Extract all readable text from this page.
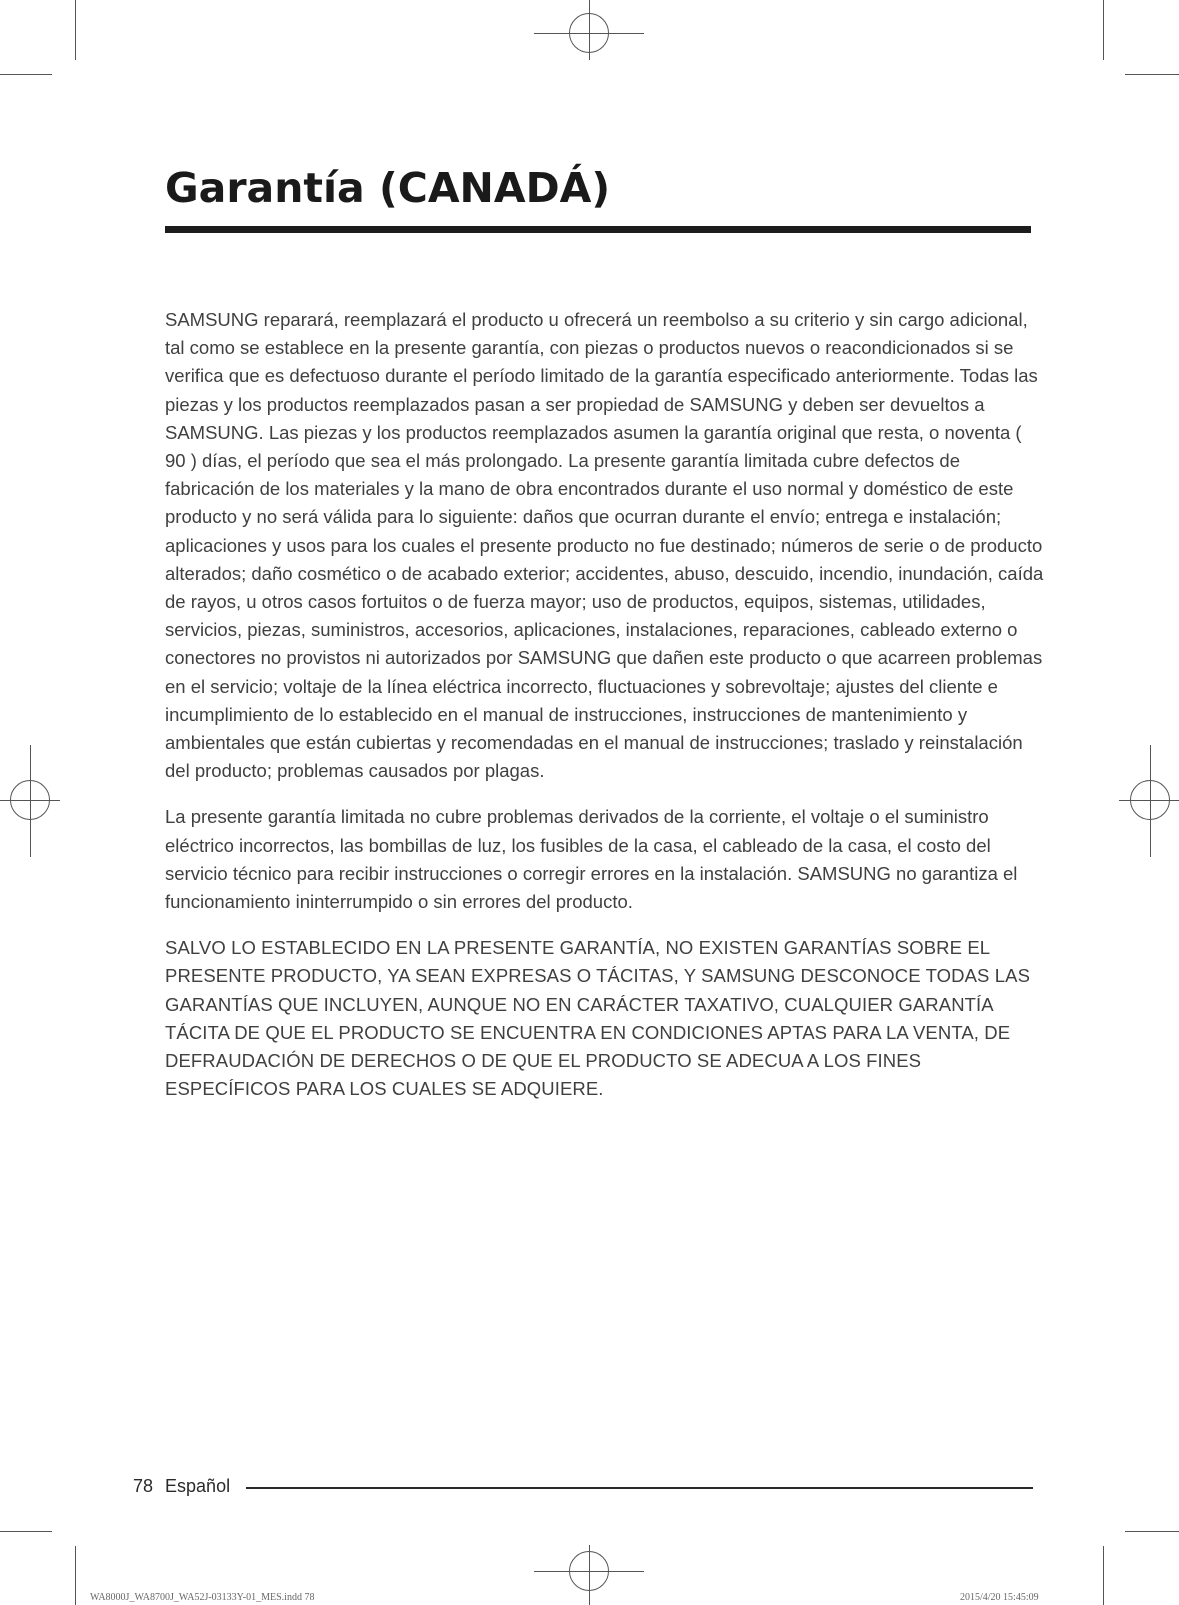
Garantía (CANADÁ)

SAMSUNG reparará, reemplazará el producto u ofrecerá un reembolso a su criterio y sin cargo adicional, tal como se establece en la presente garantía, con piezas o productos nuevos o reacondicionados si se verifica que es defectuoso durante el período limitado de la garantía especificado anteriormente. Todas las piezas y los productos reemplazados pasan a ser propiedad de SAMSUNG y deben ser devueltos a SAMSUNG. Las piezas y los productos reemplazados asumen la garantía original que resta, o noventa ( 90 ) días, el período que sea el más prolongado. La presente garantía limitada cubre defectos de fabricación de los materiales y la mano de obra encontrados durante el uso normal y doméstico de este producto y no será válida para lo siguiente: daños que ocurran durante el envío; entrega e instalación; aplicaciones y usos para los cuales el presente producto no fue destinado; números de serie o de producto alterados; daño cosmético o de acabado exterior; accidentes, abuso, descuido, incendio, inundación, caída de rayos, u otros casos fortuitos o de fuerza mayor; uso de productos, equipos, sistemas, utilidades, servicios, piezas, suministros, accesorios, aplicaciones, instalaciones, reparaciones, cableado externo o conectores no provistos ni autorizados por SAMSUNG que dañen este producto o que acarreen problemas en el servicio; voltaje de la línea eléctrica incorrecto, fluctuaciones y sobrevoltaje; ajustes del cliente e incumplimiento de lo establecido en el manual de instrucciones, instrucciones de mantenimiento y ambientales que están cubiertas y recomendadas en el manual de instrucciones; traslado y reinstalación del producto; problemas causados por plagas.

La presente garantía limitada no cubre problemas derivados de la corriente, el voltaje o el suministro eléctrico incorrectos, las bombillas de luz, los fusibles de la casa, el cableado de la casa, el costo del servicio técnico para recibir instrucciones o corregir errores en la instalación. SAMSUNG no garantiza el funcionamiento ininterrumpido o sin errores del producto.

SALVO LO ESTABLECIDO EN LA PRESENTE GARANTÍA, NO EXISTEN GARANTÍAS SOBRE EL PRESENTE PRODUCTO, YA SEAN EXPRESAS O TÁCITAS, Y SAMSUNG DESCONOCE TODAS LAS GARANTÍAS QUE INCLUYEN, AUNQUE NO EN CARÁCTER TAXATIVO, CUALQUIER GARANTÍA TÁCITA DE QUE EL PRODUCTO SE ENCUENTRA EN CONDICIONES APTAS PARA LA VENTA, DE DEFRAUDACIÓN DE DERECHOS O DE QUE EL PRODUCTO SE ADECUA A LOS FINES ESPECÍFICOS PARA LOS CUALES SE ADQUIERE.

78 Español
WA8000J_WA8700J_WA52J-03133Y-01_MES.indd 78	2015/4/20 15:45:09
